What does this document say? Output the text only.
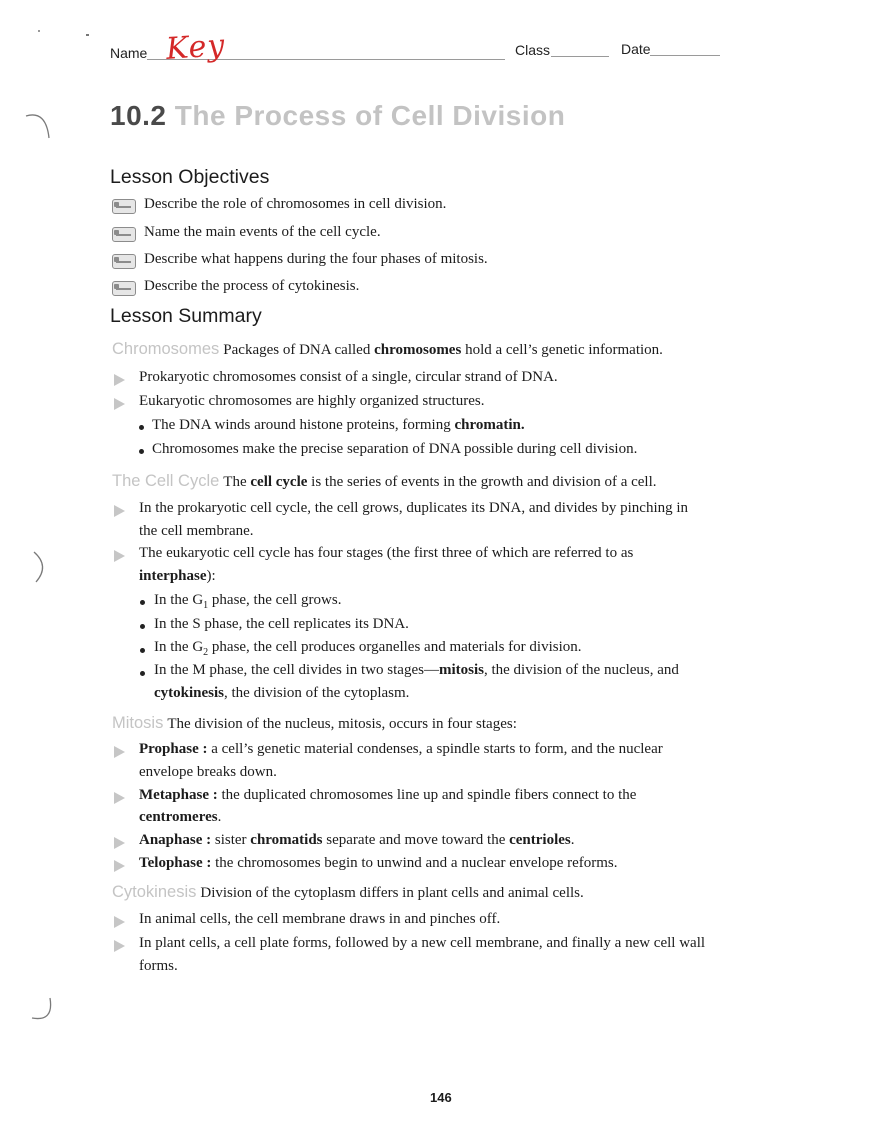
Name Key	Class	Date
10.2 The Process of Cell Division
Lesson Objectives
Describe the role of chromosomes in cell division.
Name the main events of the cell cycle.
Describe what happens during the four phases of mitosis.
Describe the process of cytokinesis.
Lesson Summary
Chromosomes Packages of DNA called chromosomes hold a cell’s genetic information.
Prokaryotic chromosomes consist of a single, circular strand of DNA.
Eukaryotic chromosomes are highly organized structures.
The DNA winds around histone proteins, forming chromatin.
Chromosomes make the precise separation of DNA possible during cell division.
The Cell Cycle The cell cycle is the series of events in the growth and division of a cell.
In the prokaryotic cell cycle, the cell grows, duplicates its DNA, and divides by pinching in
the cell membrane.
The eukaryotic cell cycle has four stages (the first three of which are referred to as
interphase):
In the $G_1$ phase, the cell grows.
In the S phase, the cell replicates its DNA.
In the $G_2$ phase, the cell produces organelles and materials for division.
In the M phase, the cell divides in two stages—mitosis, the division of the nucleus, and
cytokinesis, the division of the cytoplasm.
Mitosis The division of the nucleus, mitosis, occurs in four stages:
Prophase : a cell’s genetic material condenses, a spindle starts to form, and the nuclear
envelope breaks down.
Metaphase : the duplicated chromosomes line up and spindle fibers connect to the
centromeres.
Anaphase : sister chromatids separate and move toward the centrioles.
Telophase : the chromosomes begin to unwind and a nuclear envelope reforms.
Cytokinesis Division of the cytoplasm differs in plant cells and animal cells.
In animal cells, the cell membrane draws in and pinches off.
In plant cells, a cell plate forms, followed by a new cell membrane, and finally a new cell wall
forms.
146
